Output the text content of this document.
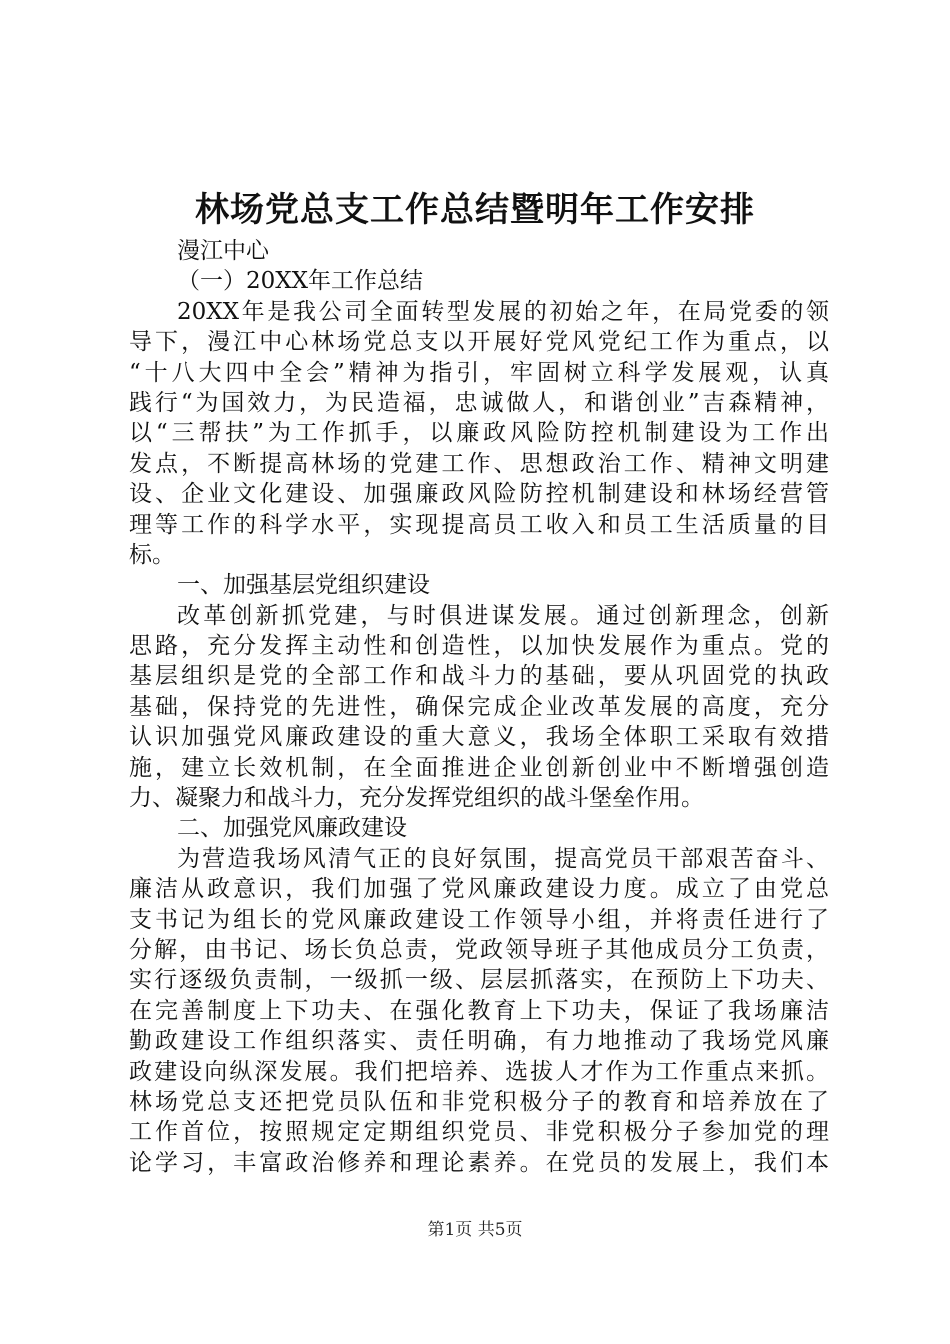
林场党总支工作总结暨明年工作安排
漫江中心
（一）20XX年工作总结
20XX年是我公司全面转型发展的初始之年，在局党委的领
导下，漫江中心林场党总支以开展好党风党纪工作为重点，以
“十八大四中全会”精神为指引，牢固树立科学发展观，认真
践行“为国效力，为民造福，忠诚做人，和谐创业”吉森精神，
以“三帮扶”为工作抓手，以廉政风险防控机制建设为工作出
发点，不断提高林场的党建工作、思想政治工作、精神文明建
设、企业文化建设、加强廉政风险防控机制建设和林场经营管
理等工作的科学水平，实现提高员工收入和员工生活质量的目
标。
一、加强基层党组织建设
改革创新抓党建，与时俱进谋发展。通过创新理念，创新
思路，充分发挥主动性和创造性，以加快发展作为重点。党的
基层组织是党的全部工作和战斗力的基础，要从巩固党的执政
基础，保持党的先进性，确保完成企业改革发展的高度，充分
认识加强党风廉政建设的重大意义，我场全体职工采取有效措
施，建立长效机制，在全面推进企业创新创业中不断增强创造
力、凝聚力和战斗力，充分发挥党组织的战斗堡垒作用。
二、加强党风廉政建设
为营造我场风清气正的良好氛围，提高党员干部艰苦奋斗、
廉洁从政意识，我们加强了党风廉政建设力度。成立了由党总
支书记为组长的党风廉政建设工作领导小组，并将责任进行了
分解，由书记、场长负总责，党政领导班子其他成员分工负责，
实行逐级负责制，一级抓一级、层层抓落实，在预防上下功夫、
在完善制度上下功夫、在强化教育上下功夫，保证了我场廉洁
勤政建设工作组织落实、责任明确，有力地推动了我场党风廉
政建设向纵深发展。我们把培养、选拔人才作为工作重点来抓。
林场党总支还把党员队伍和非党积极分子的教育和培养放在了
工作首位，按照规定定期组织党员、非党积极分子参加党的理
论学习，丰富政治修养和理论素养。在党员的发展上，我们本
第1页 共5页
